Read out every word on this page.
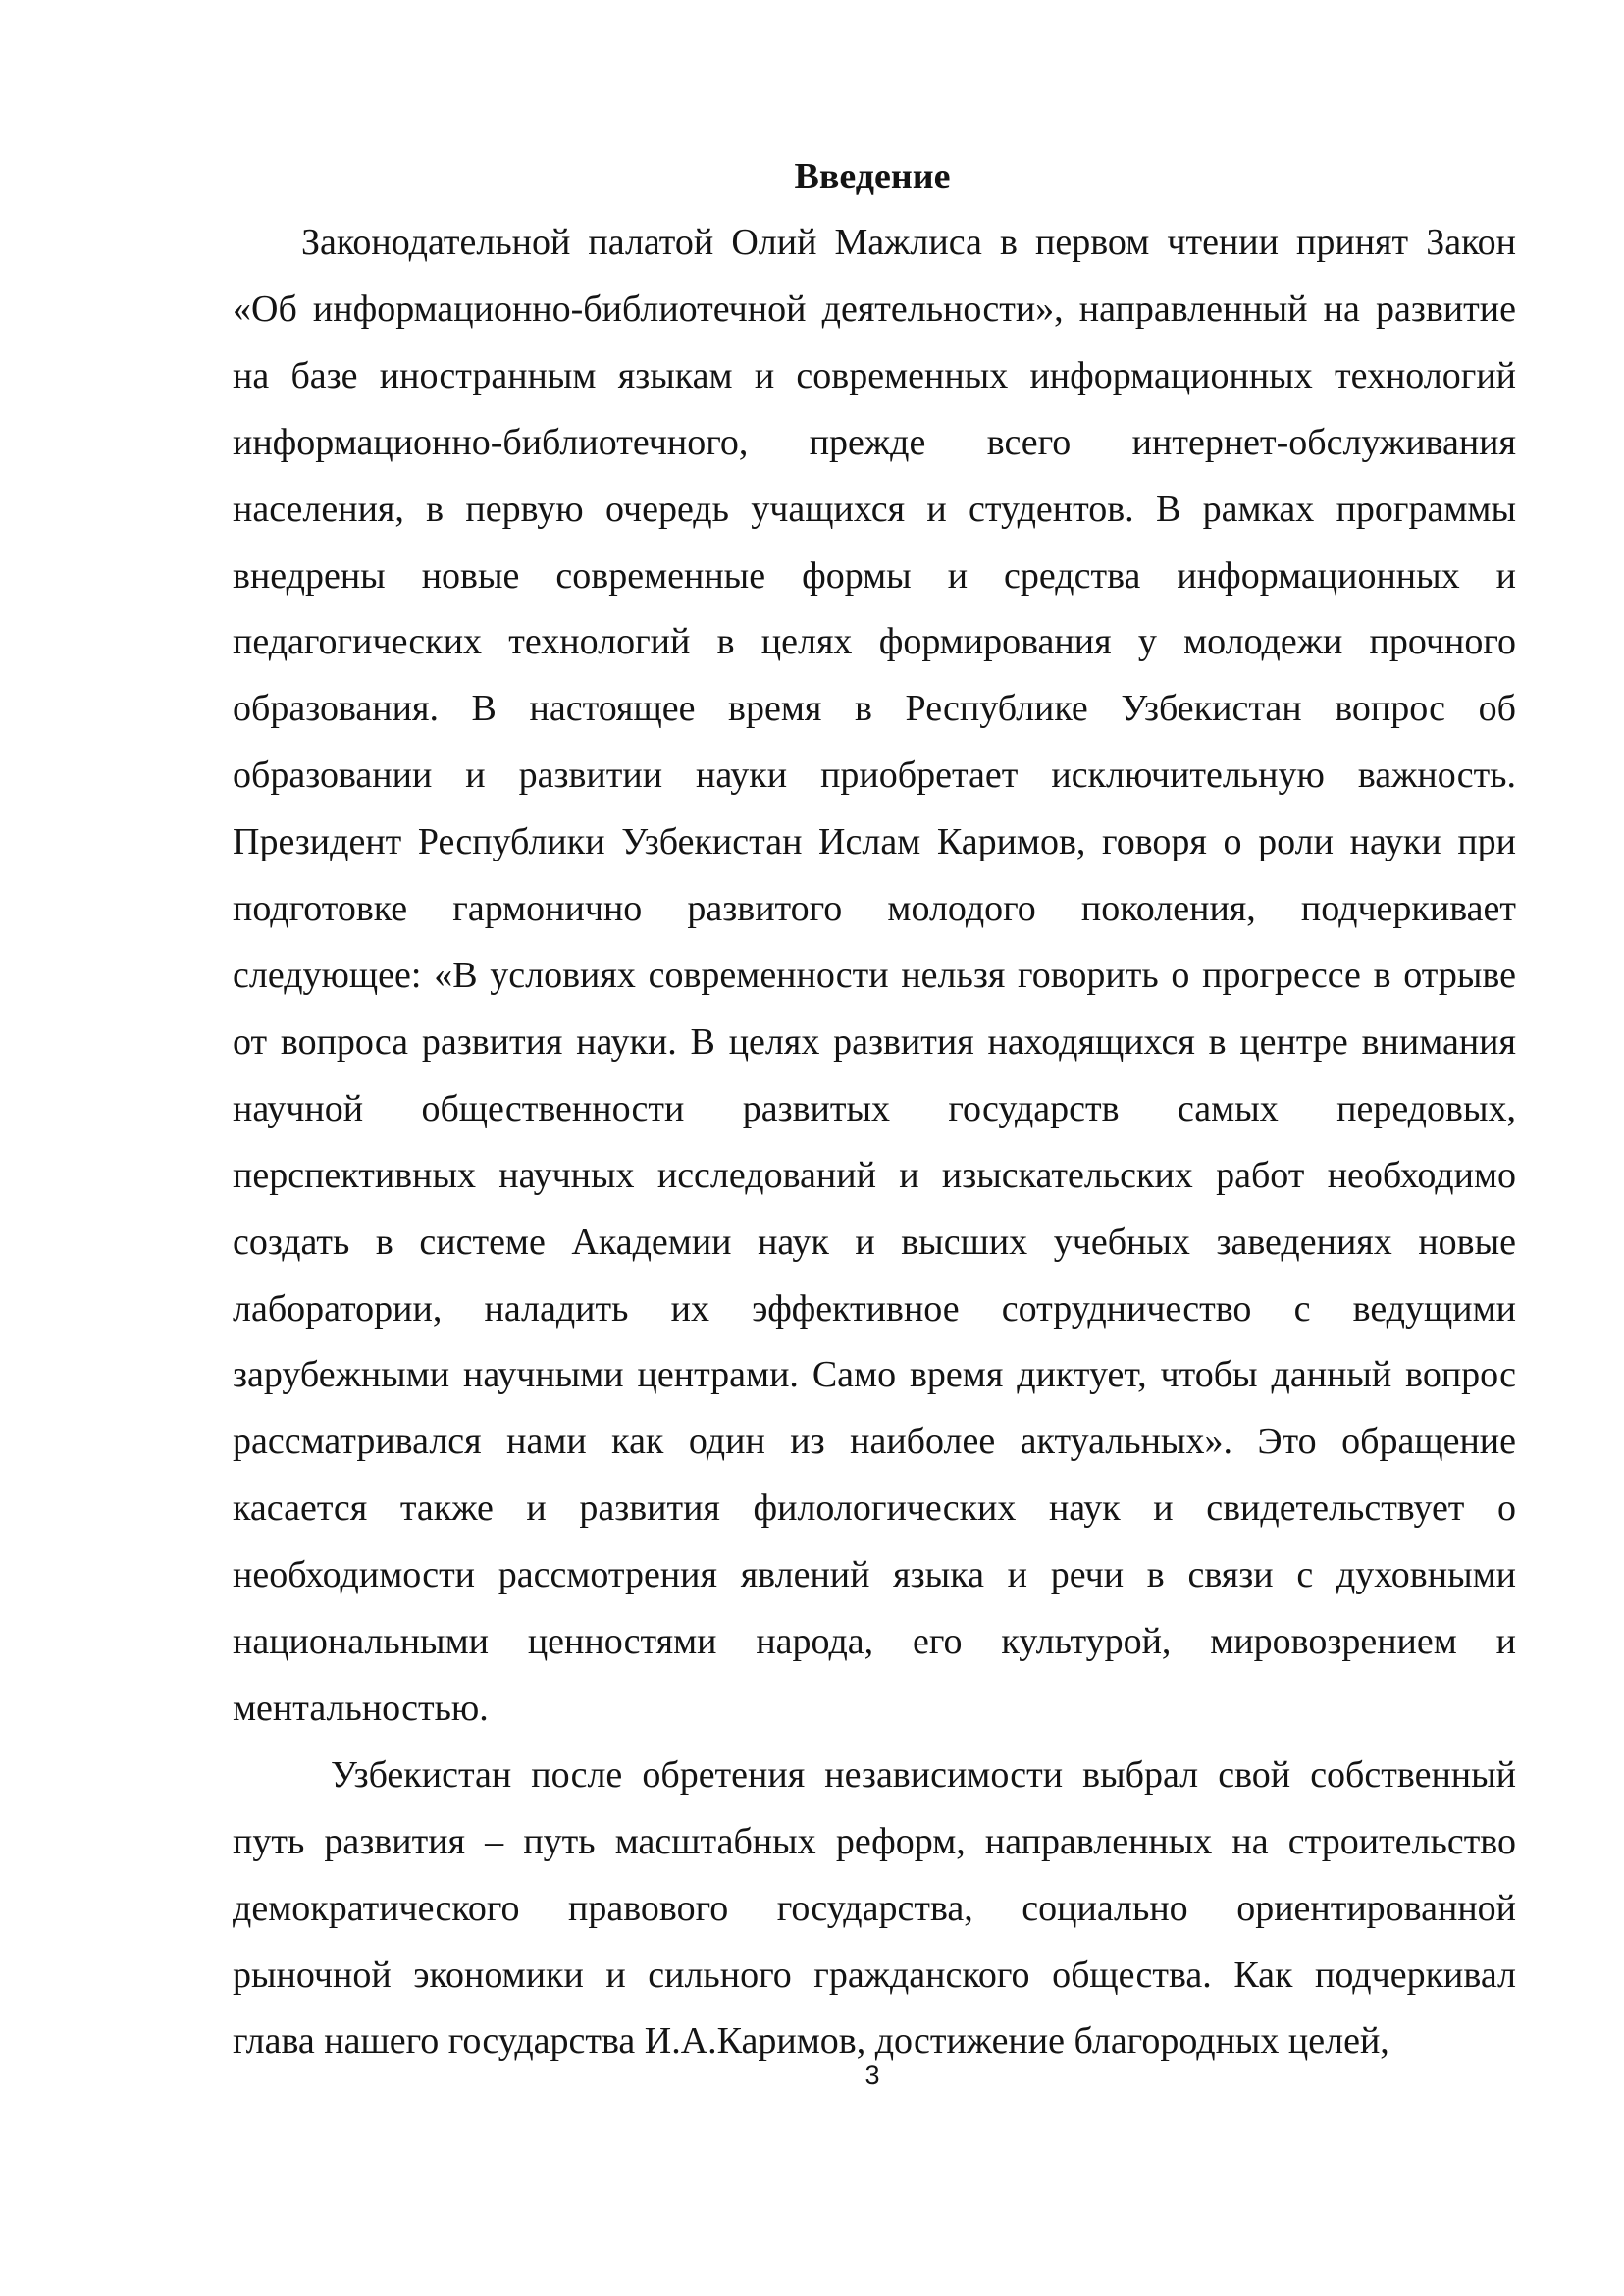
Введение

Законодательной палатой Олий Мажлиса в первом чтении принят Закон «Об информационно-библиотечной деятельности», направленный на развитие на базе иностранным языкам и современных информационных технологий информационно-библиотечного, прежде всего интернет-обслуживания населения, в первую очередь учащихся и студентов. В рамках программы внедрены новые современные формы и средства информационных и педагогических технологий в целях формирования у молодежи прочного образования. В настоящее время в Республике Узбекистан вопрос об образовании и развитии науки приобретает исключительную важность. Президент Республики Узбекистан Ислам Каримов, говоря о роли науки при подготовке гармонично развитого молодого поколения, подчеркивает следующее: «В условиях современности нельзя говорить о прогрессе в отрыве от вопроса развития науки. В целях развития находящихся в центре внимания научной общественности развитых государств самых передовых, перспективных научных исследований и изыскательских работ необходимо создать в системе Академии наук и высших учебных заведениях новые лаборатории, наладить их эффективное сотрудничество с ведущими зарубежными научными центрами. Само время диктует, чтобы данный вопрос рассматривался нами как один из наиболее актуальных». Это обращение касается также и развития филологических наук и свидетельствует о необходимости рассмотрения явлений языка и речи в связи с духовными национальными ценностями народа, его культурой, мировозрением и ментальностью.

Узбекистан после обретения независимости выбрал свой собственный путь развития – путь масштабных реформ, направленных на строительство демократического правового государства, социально ориентированной рыночной экономики и сильного гражданского общества. Как подчеркивал глава нашего государства И.А.Каримов, достижение благородных целей,

3
